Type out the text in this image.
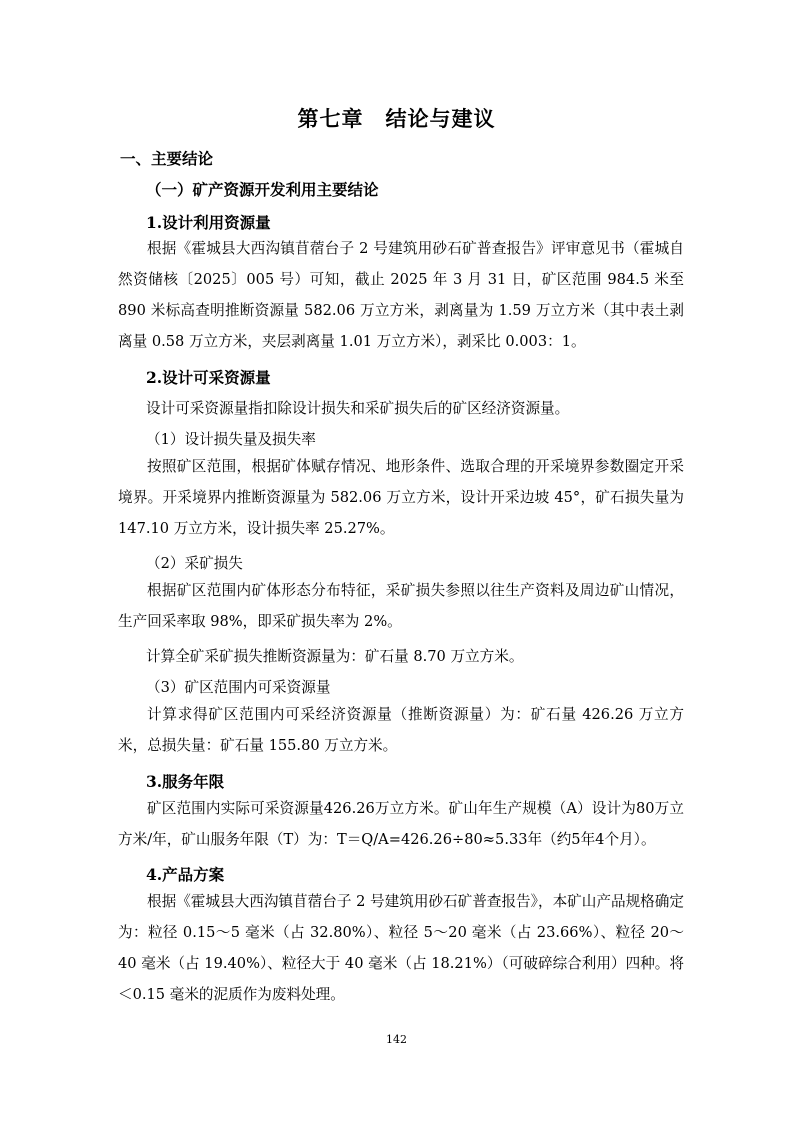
第七章　结论与建议
一、主要结论
（一）矿产资源开发利用主要结论
1.设计利用资源量
根据《霍城县大西沟镇苜蓿台子 2 号建筑用砂石矿普查报告》评审意见书（霍城自然资储核〔2025〕005 号）可知，截止 2025 年 3 月 31 日，矿区范围 984.5 米至 890 米标高查明推断资源量 582.06 万立方米，剥离量为 1.59 万立方米（其中表土剥离量 0.58 万立方米，夹层剥离量 1.01 万立方米），剥采比 0.003：1。
2.设计可采资源量
设计可采资源量指扣除设计损失和采矿损失后的矿区经济资源量。
（1）设计损失量及损失率
按照矿区范围，根据矿体赋存情况、地形条件、选取合理的开采境界参数圈定开采境界。开采境界内推断资源量为 582.06 万立方米，设计开采边坡 45°，矿石损失量为 147.10 万立方米，设计损失率 25.27%。
（2）采矿损失
根据矿区范围内矿体形态分布特征，采矿损失参照以往生产资料及周边矿山情况，生产回采率取 98%，即采矿损失率为 2%。
计算全矿采矿损失推断资源量为：矿石量 8.70 万立方米。
（3）矿区范围内可采资源量
计算求得矿区范围内可采经济资源量（推断资源量）为：矿石量 426.26 万立方米，总损失量：矿石量 155.80 万立方米。
3.服务年限
矿区范围内实际可采资源量426.26万立方米。矿山年生产规模（A）设计为80万立方米/年，矿山服务年限（T）为：T＝Q/A=426.26÷80≈5.33年（约5年4个月）。
4.产品方案
根据《霍城县大西沟镇苜蓿台子 2 号建筑用砂石矿普查报告》，本矿山产品规格确定为：粒径 0.15～5 毫米（占 32.80%）、粒径 5～20 毫米（占 23.66%）、粒径 20～40 毫米（占 19.40%）、粒径大于 40 毫米（占 18.21%）（可破碎综合利用）四种。将＜0.15 毫米的泥质作为废料处理。
142
